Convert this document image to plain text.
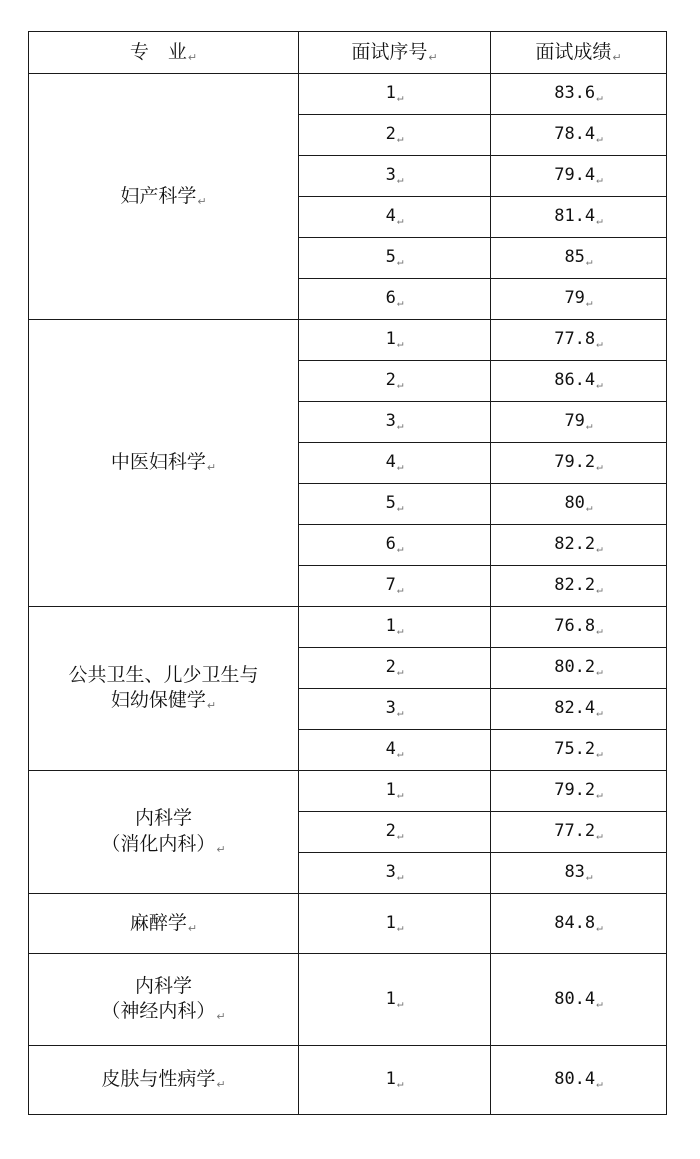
专　业↵	面试序号↵	面试成绩↵

妇产科学↵	1↵	83.6↵
	2↵	78.4↵
	3↵	79.4↵
	4↵	81.4↵
	5↵	85↵
	6↵	79↵

中医妇科学↵	1↵	77.8↵
	2↵	86.4↵
	3↵	79↵
	4↵	79.2↵
	5↵	80↵
	6↵	82.2↵
	7↵	82.2↵

公共卫生、儿少卫生与
妇幼保健学↵	1↵	76.8↵
	2↵	80.2↵
	3↵	82.4↵
	4↵	75.2↵

内科学
（消化内科）↵	1↵	79.2↵
	2↵	77.2↵
	3↵	83↵

麻醉学↵	1↵	84.8↵

内科学
（神经内科）↵	1↵	80.4↵

皮肤与性病学↵	1↵	80.4↵
